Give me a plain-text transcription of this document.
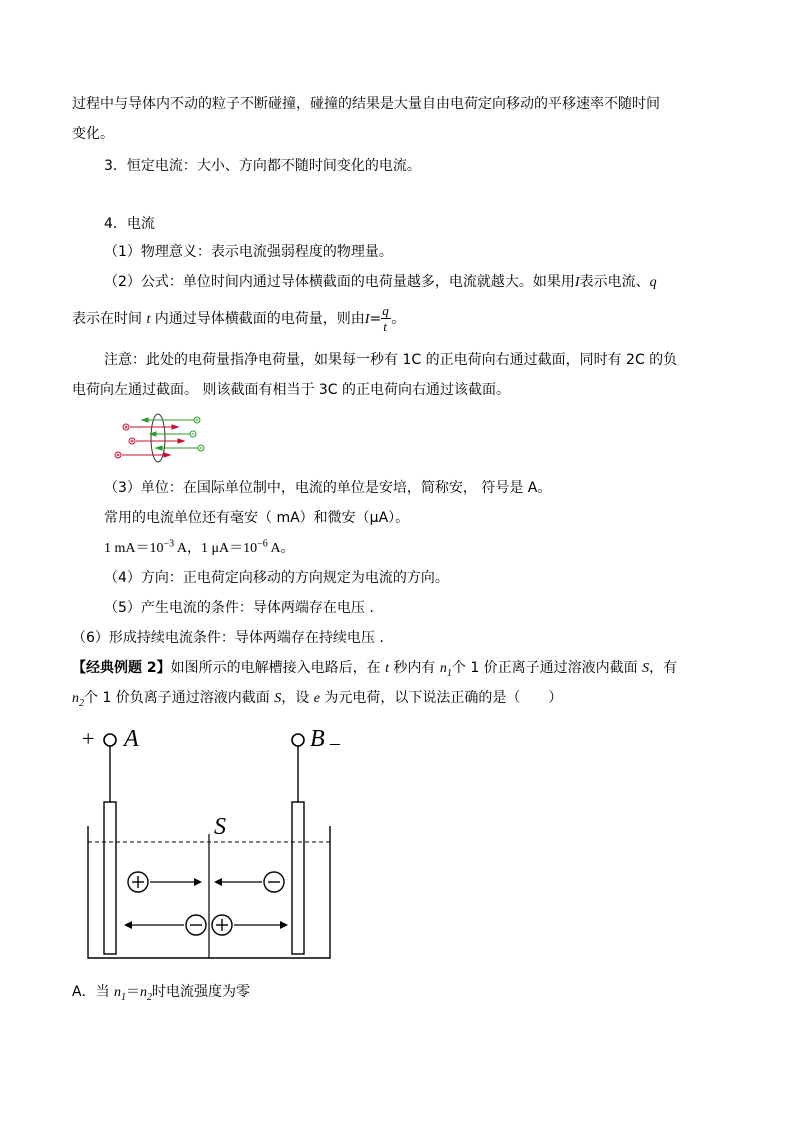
过程中与导体内不动的粒子不断碰撞，碰撞的结果是大量自由电荷定向移动的平移速率不随时间
变化。
3．恒定电流：大小、方向都不随时间变化的电流。
4．电流
（1）物理意义：表示电流强弱程度的物理量。
（2）公式：单位时间内通过导体横截面的电荷量越多，电流就越大。如果用I表示电流、q
表示在时间 t 内通过导体横截面的电荷量，则由$I= \frac{q}{t}$ 。
注意：此处的电荷量指净电荷量，如果每一秒有 1C 的正电荷向右通过截面，同时有 2C 的负
电荷向左通过截面。 则该截面有相当于 3C 的正电荷向右通过该截面。
（3）单位：在国际单位制中，电流的单位是安培，简称安， 符号是 A。
常用的电流单位还有毫安（ mA）和微安（μA）。
1 $mA=10^{-3}$ A，1 $\mu A=10^{-6}$ A。
（4）方向：正电荷定向移动的方向规定为电流的方向。
（5）产生电流的条件：导体两端存在电压 .
（6）形成持续电流条件：导体两端存在持续电压 .
【经典例题 2】如图所示的电解槽接入电路后，在 t 秒内有 $n_1$个 1 价正离子通过溶液内截面 S，有
$n_2$个 1 价负离子通过溶液内截面 S，设 e 为元电荷，以下说法正确的是（　　）
+ A	B –
S
A．当 $n_1=n_2$时电流强度为零
